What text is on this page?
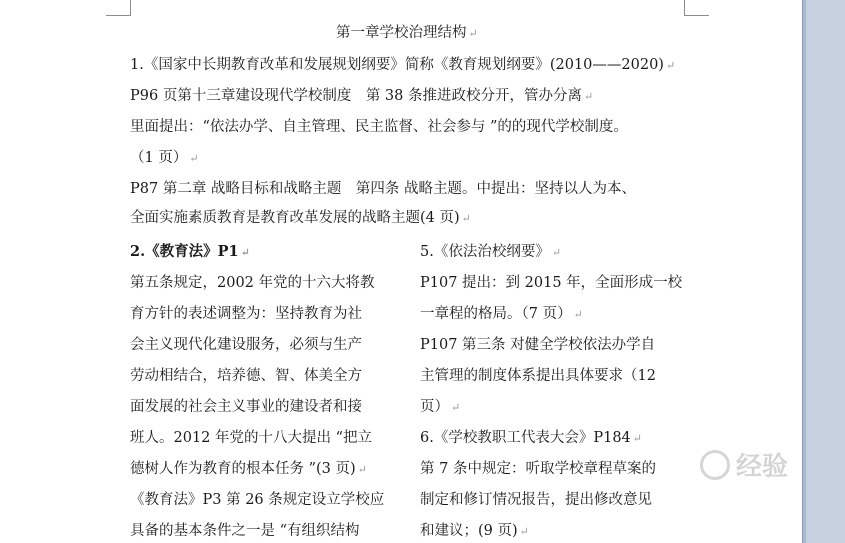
第一章学校治理结构 ↵
1.《国家中长期教育改革和发展规划纲要》简称《教育规划纲要》(2010——2020) ↵
P96 页第十三章建设现代学校制度　第 38 条推进政校分开，管办分离 ↵
里面提出：“依法办学、自主管理、民主监督、社会参与 ”的的现代学校制度。
（1 页） ↵
P87 第二章 战略目标和战略主题　第四条 战略主题。中提出：坚持以人为本、
全面实施素质教育是教育改革发展的战略主题(4 页) ↵
2.《教育法》P1 ↵
第五条规定，2002 年党的十六大将教
育方针的表述调整为：坚持教育为社
会主义现代化建设服务，必须与生产
劳动相结合，培养德、智、体美全方
面发展的社会主义事业的建设者和接
班人。2012 年党的十八大提出 “把立
德树人作为教育的根本任务 ”(3 页) ↵
《教育法》P3 第 26 条规定设立学校应
具备的基本条件之一是 “有组织结构
5.《依法治校纲要》 ↵
P107 提出：到 2015 年，全面形成一校
一章程的格局。（7 页） ↵
P107 第三条 对健全学校依法办学自
主管理的制度体系提出具体要求（12
页） ↵
6.《学校教职工代表大会》P184 ↵
第 7 条中规定：听取学校章程草案的
制定和修订情况报告，提出修改意见
和建议；(9 页) ↵
经验
